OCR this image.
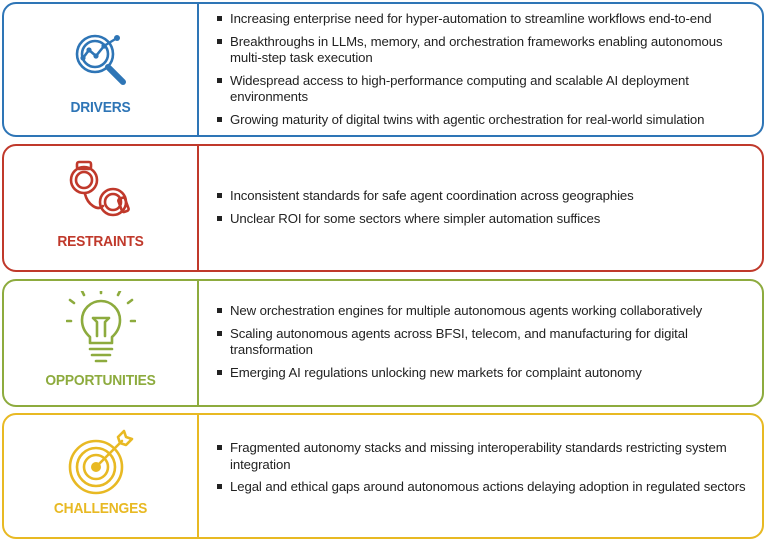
DRIVERS
Increasing enterprise need for hyper-automation to streamline workflows end-to-end
Breakthroughs in LLMs, memory, and orchestration frameworks enabling autonomous multi-step task execution
Widespread access to high-performance computing and scalable AI deployment environments
Growing maturity of digital twins with agentic orchestration for real-world simulation
RESTRAINTS
Inconsistent standards for safe agent coordination across geographies
Unclear ROI for some sectors where simpler automation suffices
OPPORTUNITIES
New orchestration engines for multiple autonomous agents working collaboratively
Scaling autonomous agents across BFSI, telecom, and manufacturing for digital transformation
Emerging AI regulations unlocking new markets for complaint autonomy
CHALLENGES
Fragmented autonomy stacks and missing interoperability standards restricting system integration
Legal and ethical gaps around autonomous actions delaying adoption in regulated sectors
